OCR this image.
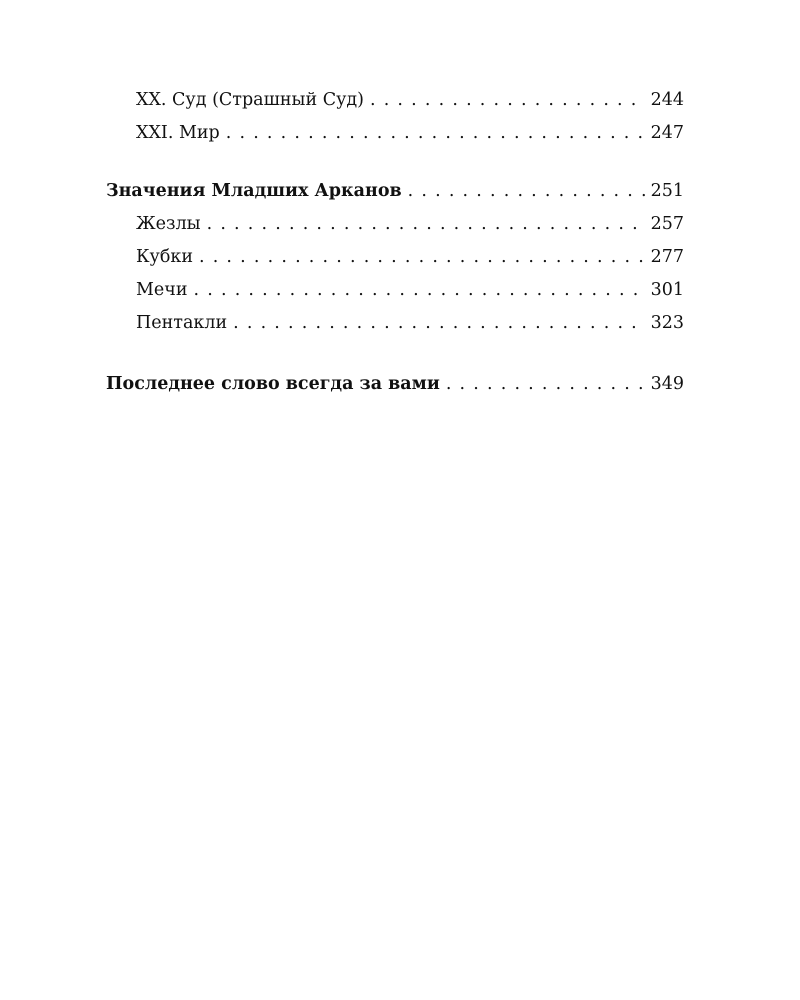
XX. Суд (Страшный Суд) . . .	244
XXI. Мир . . .	247
Значения Младших Арканов . . .	251
Жезлы . . .	257
Кубки . . .	277
Мечи . . .	301
Пентакли . . .	323
Последнее слово всегда за вами . . .	349
